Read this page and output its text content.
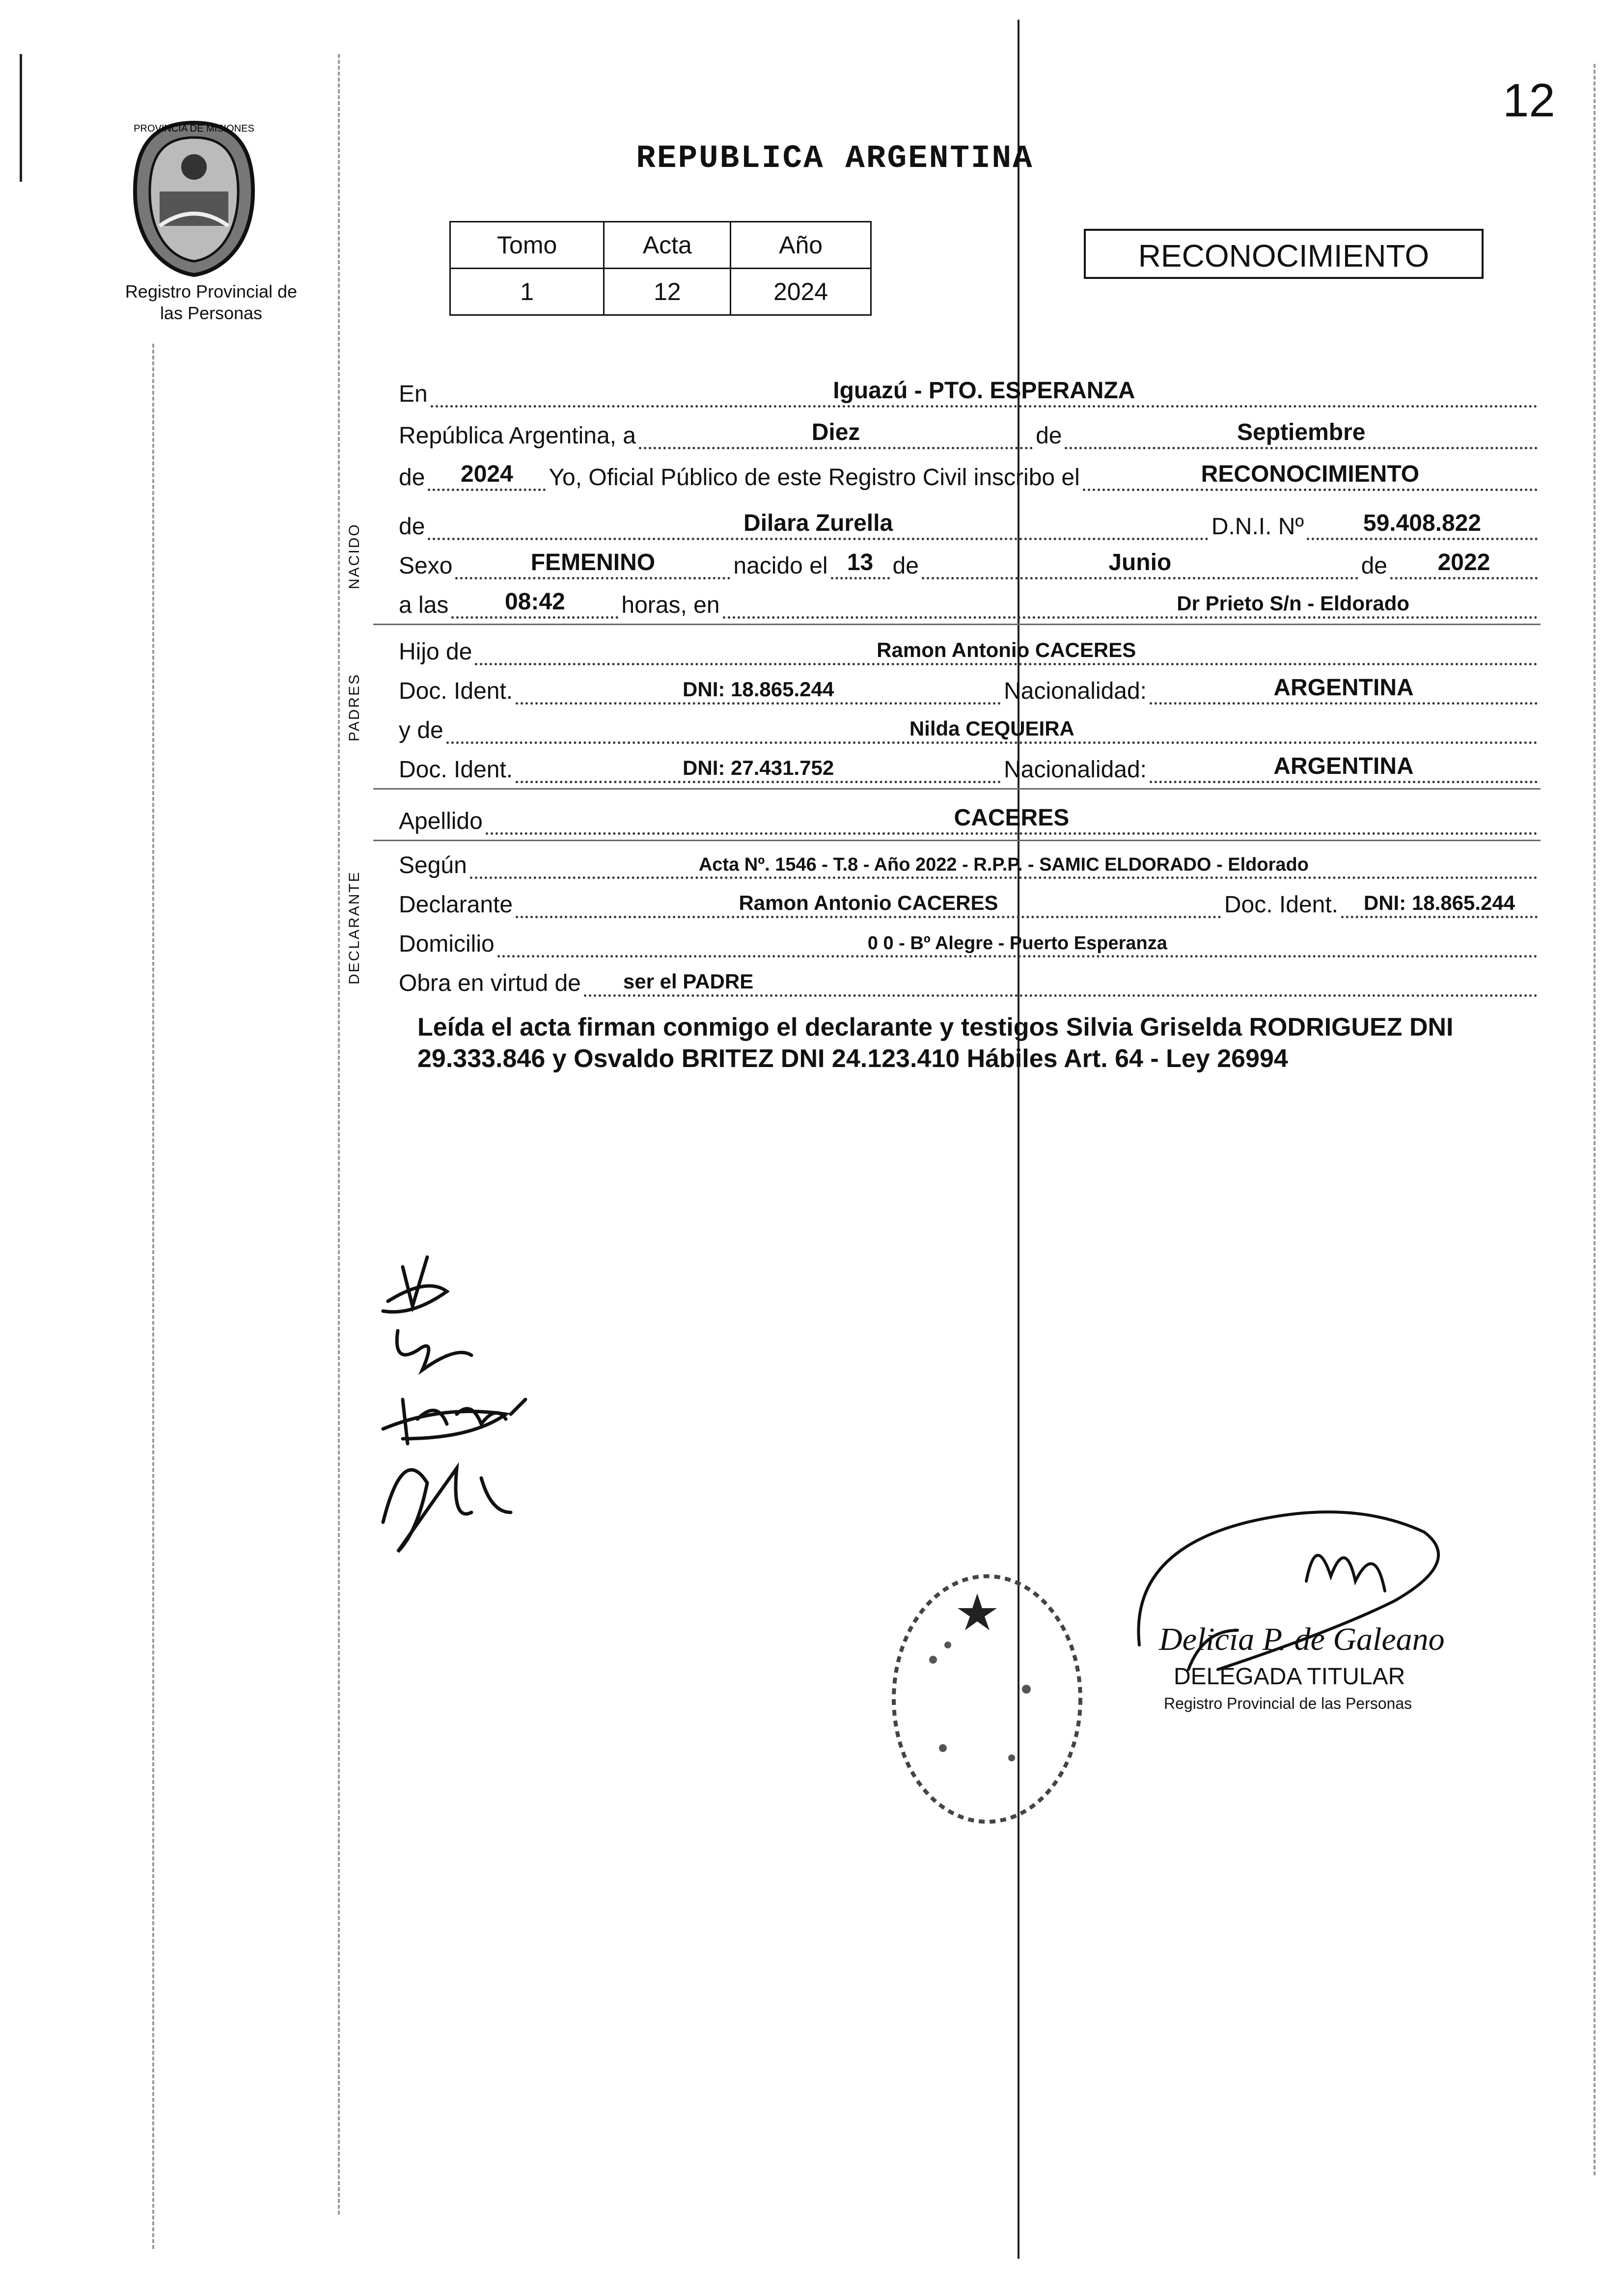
12
PROVINCIA DE MISIONES
Registro Provincial de las Personas
REPUBLICA ARGENTINA
Tomo	Acta	Año
1	12	2024
RECONOCIMIENTO
En	Iguazú - PTO. ESPERANZA
República Argentina, a	Diez	de	Septiembre
de	2024	Yo, Oficial Público de este Registro Civil inscribo el	RECONOCIMIENTO
NACIDO de	Dilara Zurella	D.N.I. Nº	59.408.822
Sexo	FEMENINO	nacido el 13 de	Junio	de	2022
a las	08:42	horas, en	Dr Prieto S/n - Eldorado
PADRES
Hijo de	Ramon Antonio CACERES
Doc. Ident.	DNI: 18.865.244	Nacionalidad:	ARGENTINA
y de	Nilda CEQUEIRA
Doc. Ident.	DNI: 27.431.752	Nacionalidad:	ARGENTINA
Apellido	CACERES
DECLARANTE
Según	Acta Nº. 1546 - T.8 - Año 2022 - R.P.P. - SAMIC ELDORADO - Eldorado
Declarante	Ramon Antonio CACERES	Doc. Ident.	DNI: 18.865.244
Domicilio	0 0 - Bº Alegre - Puerto Esperanza
Obra en virtud de ser el PADRE
Leída el acta firman conmigo el declarante y testigos Silvia Griselda RODRIGUEZ DNI 29.333.846 y Osvaldo BRITEZ DNI 24.123.410 Hábiles Art. 64 - Ley 26994
Delicia P. de Galeano
DELEGADA TITULAR
Registro Provincial de las Personas
